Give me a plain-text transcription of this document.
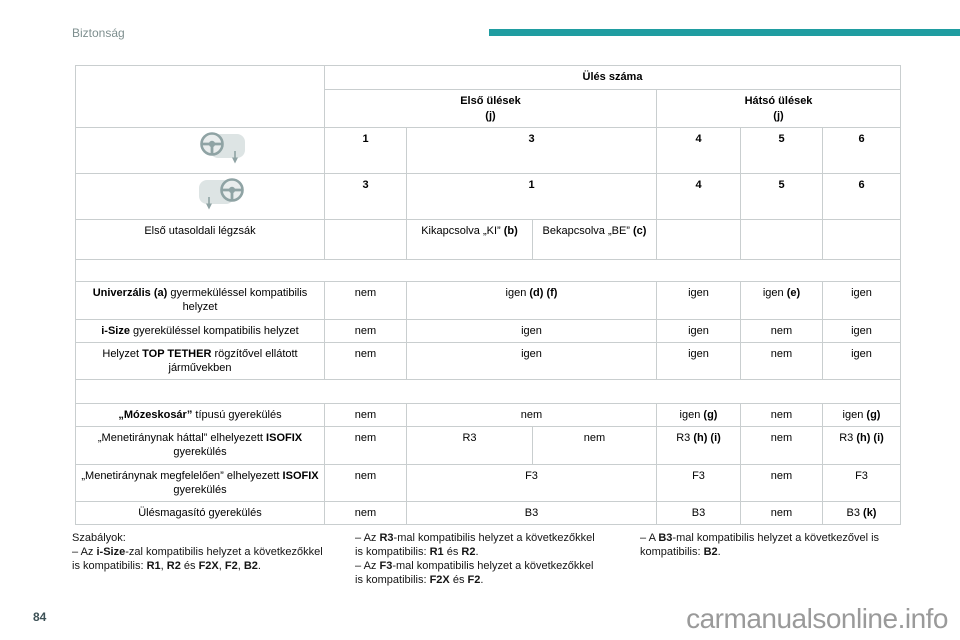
Biztonság
	Ülés száma					

Első ülések
(j)

Hátsó ülések
(j)

	1	3		4	5	6
	3	1		4	5	6
Első utasoldali légzsák		Kikapcsolva „KI” (b)	Bekapcsolva „BE” (c)			

Univerzális (a) gyermeküléssel kompatibilis helyzet	nem	igen (d) (f)		igen	igen (e)	igen
i-Size gyereküléssel kompatibilis helyzet	nem	igen		igen	nem	igen
Helyzet TOP TETHER rögzítővel ellátott járművekben	nem	igen		igen	nem	igen

„Mózeskosár” típusú gyerekülés	nem	nem		igen (g)	nem	igen (g)
„Menetiránynak háttal” elhelyezett ISOFIX gyerekülés	nem	R3	nem	R3 (h) (i)	nem	R3 (h) (i)
„Menetiránynak megfelelően” elhelyezett ISOFIX gyerekülés	nem	F3		F3	nem	F3
Ülésmagasító gyerekülés	nem	B3		B3	nem	B3 (k)
Szabályok:
– Az i-Size-zal kompatibilis helyzet a következőkkel is kompatibilis: R1, R2 és F2X, F2, B2.
– Az R3-mal kompatibilis helyzet a következőkkel is kompatibilis: R1 és R2.
– Az F3-mal kompatibilis helyzet a következőkkel is kompatibilis: F2X és F2.
– A B3-mal kompatibilis helyzet a következővel is kompatibilis: B2.
84	carmanualsonline.info
